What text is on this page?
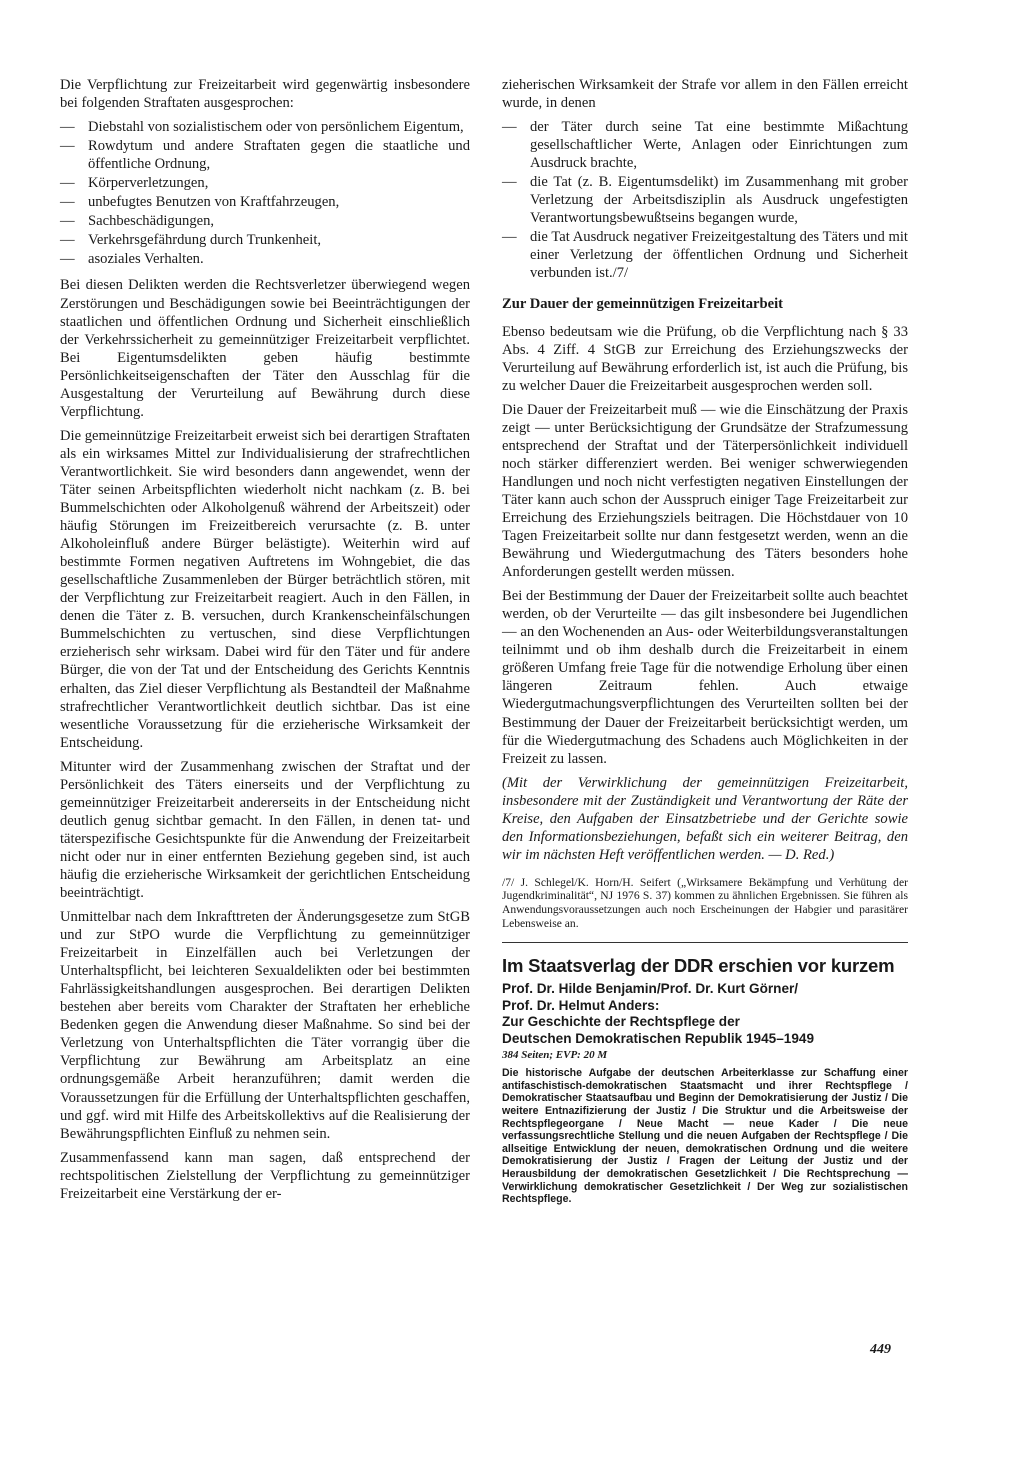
Die Verpflichtung zur Freizeitarbeit wird gegenwärtig insbesondere bei folgenden Straftaten ausgesprochen:

— Diebstahl von sozialistischem oder von persönlichem Eigentum,
— Rowdytum und andere Straftaten gegen die staatliche und öffentliche Ordnung,
— Körperverletzungen,
— unbefugtes Benutzen von Kraftfahrzeugen,
— Sachbeschädigungen,
— Verkehrsgefährdung durch Trunkenheit,
— asoziales Verhalten.

Bei diesen Delikten werden die Rechtsverletzer überwiegend wegen Zerstörungen und Beschädigungen sowie bei Beeinträchtigungen der staatlichen und öffentlichen Ordnung und Sicherheit einschließlich der Verkehrssicherheit zu gemeinnütziger Freizeitarbeit verpflichtet. Bei Eigentumsdelikten geben häufig bestimmte Persönlichkeitseigenschaften der Täter den Ausschlag für die Ausgestaltung der Verurteilung auf Bewährung durch diese Verpflichtung.

Die gemeinnützige Freizeitarbeit erweist sich bei derartigen Straftaten als ein wirksames Mittel zur Individualisierung der strafrechtlichen Verantwortlichkeit. Sie wird besonders dann angewendet, wenn der Täter seinen Arbeitspflichten wiederholt nicht nachkam (z. B. bei Bummelschichten oder Alkoholgenuß während der Arbeitszeit) oder häufig Störungen im Freizeitbereich verursachte (z. B. unter Alkoholeinfluß andere Bürger belästigte). Weiterhin wird auf bestimmte Formen negativen Auftretens im Wohngebiet, die das gesellschaftliche Zusammenleben der Bürger beträchtlich stören, mit der Verpflichtung zur Freizeitarbeit reagiert. Auch in den Fällen, in denen die Täter z. B. versuchen, durch Krankenscheinfälschungen Bummelschichten zu vertuschen, sind diese Verpflichtungen erzieherisch sehr wirksam. Dabei wird für den Täter und für andere Bürger, die von der Tat und der Entscheidung des Gerichts Kenntnis erhalten, das Ziel dieser Verpflichtung als Bestandteil der Maßnahme strafrechtlicher Verantwortlichkeit deutlich sichtbar. Das ist eine wesentliche Voraussetzung für die erzieherische Wirksamkeit der Entscheidung.

Mitunter wird der Zusammenhang zwischen der Straftat und der Persönlichkeit des Täters einerseits und der Verpflichtung zu gemeinnütziger Freizeitarbeit andererseits in der Entscheidung nicht deutlich genug sichtbar gemacht. In den Fällen, in denen tat- und täterspezifische Gesichtspunkte für die Anwendung der Freizeitarbeit nicht oder nur in einer entfernten Beziehung gegeben sind, ist auch häufig die erzieherische Wirksamkeit der gerichtlichen Entscheidung beeinträchtigt.

Unmittelbar nach dem Inkrafttreten der Änderungsgesetze zum StGB und zur StPO wurde die Verpflichtung zu gemeinnütziger Freizeitarbeit in Einzelfällen auch bei Verletzungen der Unterhaltspflicht, bei leichteren Sexualdelikten oder bei bestimmten Fahrlässigkeitshandlungen ausgesprochen. Bei derartigen Delikten bestehen aber bereits vom Charakter der Straftaten her erhebliche Bedenken gegen die Anwendung dieser Maßnahme. So sind bei der Verletzung von Unterhaltspflichten die Täter vorrangig über die Verpflichtung zur Bewährung am Arbeitsplatz an eine ordnungsgemäße Arbeit heranzuführen; damit werden die Voraussetzungen für die Erfüllung der Unterhaltspflichten geschaffen, und ggf. wird mit Hilfe des Arbeitskollektivs auf die Realisierung der Bewährungspflichten Einfluß zu nehmen sein.

Zusammenfassend kann man sagen, daß entsprechend der rechtspolitischen Zielstellung der Verpflichtung zu gemeinnütziger Freizeitarbeit eine Verstärkung der er-

zieherischen Wirksamkeit der Strafe vor allem in den Fällen erreicht wurde, in denen

— der Täter durch seine Tat eine bestimmte Mißachtung gesellschaftlicher Werte, Anlagen oder Einrichtungen zum Ausdruck brachte,
— die Tat (z. B. Eigentumsdelikt) im Zusammenhang mit grober Verletzung der Arbeitsdisziplin als Ausdruck ungefestigten Verantwortungsbewußtseins begangen wurde,
— die Tat Ausdruck negativer Freizeitgestaltung des Täters und mit einer Verletzung der öffentlichen Ordnung und Sicherheit verbunden ist./7/
Zur Dauer der gemeinnützigen Freizeitarbeit

Ebenso bedeutsam wie die Prüfung, ob die Verpflichtung nach § 33 Abs. 4 Ziff. 4 StGB zur Erreichung des Erziehungszwecks der Verurteilung auf Bewährung erforderlich ist, ist auch die Prüfung, bis zu welcher Dauer die Freizeitarbeit ausgesprochen werden soll.

Die Dauer der Freizeitarbeit muß — wie die Einschätzung der Praxis zeigt — unter Berücksichtigung der Grundsätze der Strafzumessung entsprechend der Straftat und der Täterpersönlichkeit individuell noch stärker differenziert werden. Bei weniger schwerwiegenden Handlungen und noch nicht verfestigten negativen Einstellungen der Täter kann auch schon der Ausspruch einiger Tage Freizeitarbeit zur Erreichung des Erziehungsziels beitragen. Die Höchstdauer von 10 Tagen Freizeitarbeit sollte nur dann festgesetzt werden, wenn an die Bewährung und Wiedergutmachung des Täters besonders hohe Anforderungen gestellt werden müssen.

Bei der Bestimmung der Dauer der Freizeitarbeit sollte auch beachtet werden, ob der Verurteilte — das gilt insbesondere bei Jugendlichen — an den Wochenenden an Aus- oder Weiterbildungsveranstaltungen teilnimmt und ob ihm deshalb durch die Freizeitarbeit in einem größeren Umfang freie Tage für die notwendige Erholung über einen längeren Zeitraum fehlen. Auch etwaige Wiedergutmachungsverpflichtungen des Verurteilten sollten bei der Bestimmung der Dauer der Freizeitarbeit berücksichtigt werden, um für die Wiedergutmachung des Schadens auch Möglichkeiten in der Freizeit zu lassen.

(Mit der Verwirklichung der gemeinnützigen Freizeitarbeit, insbesondere mit der Zuständigkeit und Verantwortung der Räte der Kreise, den Aufgaben der Einsatzbetriebe und der Gerichte sowie den Informationsbeziehungen, befaßt sich ein weiterer Beitrag, den wir im nächsten Heft veröffentlichen werden. — D. Red.)

/7/ J. Schlegel/K. Horn/H. Seifert („Wirksamere Bekämpfung und Verhütung der Jugendkriminalität“, NJ 1976 S. 37) kommen zu ähnlichen Ergebnissen. Sie führen als Anwendungsvoraussetzungen auch noch Erscheinungen der Habgier und parasitärer Lebensweise an.

Im Staatsverlag der DDR erschien vor kurzem
Prof. Dr. Hilde Benjamin/Prof. Dr. Kurt Görner/
Prof. Dr. Helmut Anders:
Zur Geschichte der Rechtspflege der
Deutschen Demokratischen Republik 1945–1949
384 Seiten; EVP: 20 M
Die historische Aufgabe der deutschen Arbeiterklasse zur Schaffung einer antifaschistisch-demokratischen Staatsmacht und ihrer Rechtspflege / Demokratischer Staatsaufbau und Beginn der Demokratisierung der Justiz / Die weitere Entnazifizierung der Justiz / Die Struktur und die Arbeitsweise der Rechtspflegeorgane / Neue Macht — neue Kader / Die neue verfassungsrechtliche Stellung und die neuen Aufgaben der Rechtspflege / Die allseitige Entwicklung der neuen, demokratischen Ordnung und die weitere Demokratisierung der Justiz / Fragen der Leitung der Justiz und der Herausbildung der demokratischen Gesetzlichkeit / Die Rechtsprechung — Verwirklichung demokratischer Gesetzlichkeit / Der Weg zur sozialistischen Rechtspflege.
449
